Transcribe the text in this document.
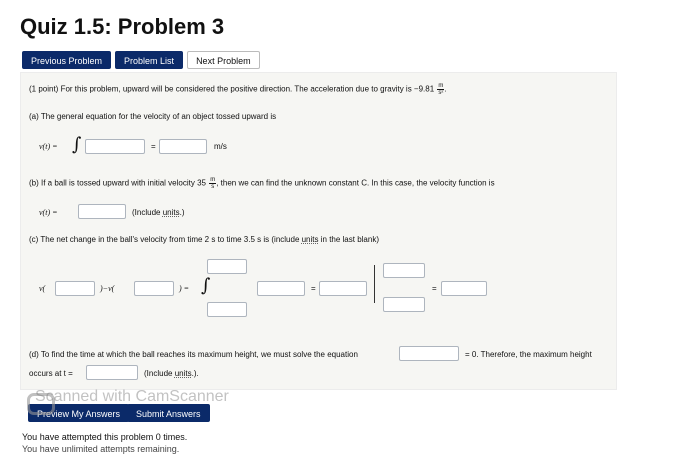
Quiz 1.5: Problem 3
Previous Problem	Problem List	Next Problem
(1 point) For this problem, upward will be considered the positive direction. The acceleration due to gravity is $-9.81 \frac{m}{\text{s²}}$ .
(a) The general equation for the velocity of an object tossed upward is
v(t) = ∫	=	m/s
(b) If a ball is tossed upward with initial velocity $35 \frac{m}{s}$ , then we can find the unknown constant C. In this case, the velocity function is
v(t) =	(Include units.)
(c) The net change in the ball's velocity from time 2 s to time 3.5 s is (include units in the last blank)
v(	)−v(	) = ∫	=	=
(d) To find the time at which the ball reaches its maximum height, we must solve the equation	= 0. Therefore, the maximum height
occurs at t =	(Include units.).
Preview My Answers	Submit Answers
Scanned with CamScanner
You have attempted this problem 0 times.
You have unlimited attempts remaining.
